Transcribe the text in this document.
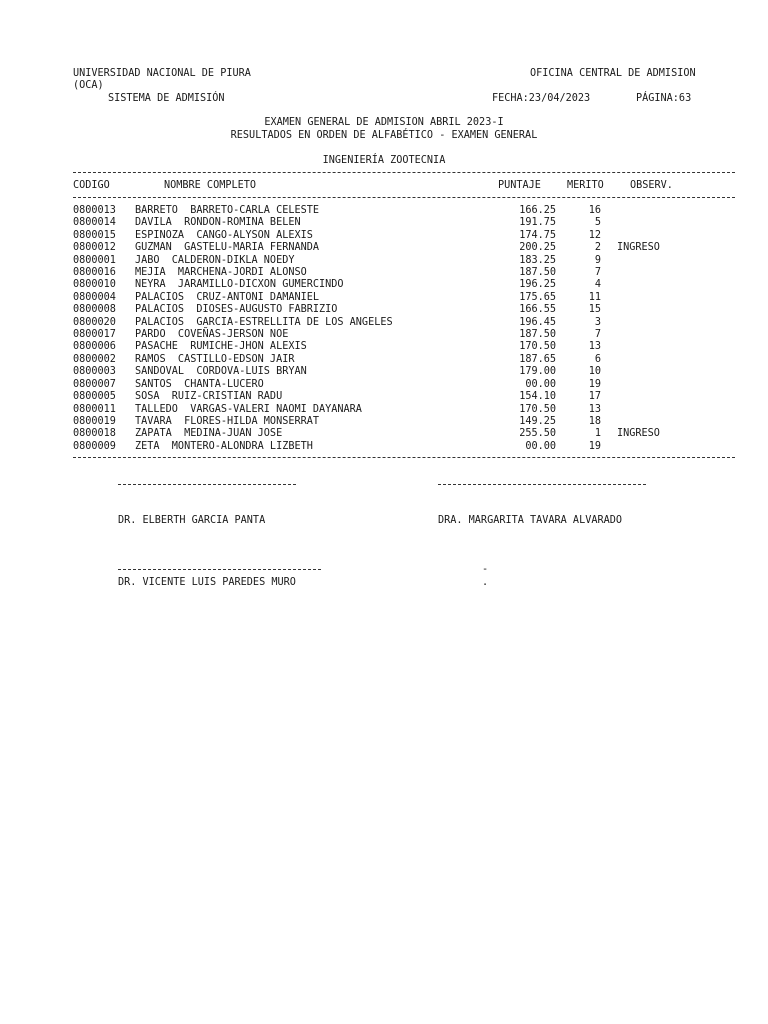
UNIVERSIDAD NACIONAL DE PIURA	OFICINA CENTRAL DE ADMISION
(OCA)
SISTEMA DE ADMISIÓN	FECHA:23/04/2023	PÁGINA:63
EXAMEN GENERAL DE ADMISION ABRIL 2023-I
RESULTADOS EN ORDEN DE ALFABÉTICO - EXAMEN GENERAL
INGENIERÍA ZOOTECNIA
CODIGO	NOMBRE COMPLETO	PUNTAJE	MERITO	OBSERV.
0800013	BARRETO  BARRETO-CARLA CELESTE	166.25	16	
0800014	DAVILA  RONDON-ROMINA BELEN	191.75	5	
0800015	ESPINOZA  CANGO-ALYSON ALEXIS	174.75	12	
0800012	GUZMAN  GASTELU-MARIA FERNANDA	200.25	2	INGRESO
0800001	JABO  CALDERON-DIKLA NOEDY	183.25	9	
0800016	MEJIA  MARCHENA-JORDI ALONSO	187.50	7	
0800010	NEYRA  JARAMILLO-DICXON GUMERCINDO	196.25	4	
0800004	PALACIOS  CRUZ-ANTONI DAMANIEL	175.65	11	
0800008	PALACIOS  DIOSES-AUGUSTO FABRIZIO	166.55	15	
0800020	PALACIOS  GARCIA-ESTRELLITA DE LOS ANGELES	196.45	3	
0800017	PARDO  COVEÑAS-JERSON NOE	187.50	7	
0800006	PASACHE  RUMICHE-JHON ALEXIS	170.50	13	
0800002	RAMOS  CASTILLO-EDSON JAIR	187.65	6	
0800003	SANDOVAL  CORDOVA-LUIS BRYAN	179.00	10	
0800007	SANTOS  CHANTA-LUCERO	00.00	19	
0800005	SOSA  RUIZ-CRISTIAN RADU	154.10	17	
0800011	TALLEDO  VARGAS-VALERI NAOMI DAYANARA	170.50	13	
0800019	TAVARA  FLORES-HILDA MONSERRAT	149.25	18	
0800018	ZAPATA  MEDINA-JUAN JOSE	255.50	1	INGRESO
0800009	ZETA  MONTERO-ALONDRA LIZBETH	00.00	19	
DR. ELBERTH GARCIA PANTA	DRA. MARGARITA TAVARA ALVARADO
DR. VICENTE LUIS PAREDES MURO
-
.
